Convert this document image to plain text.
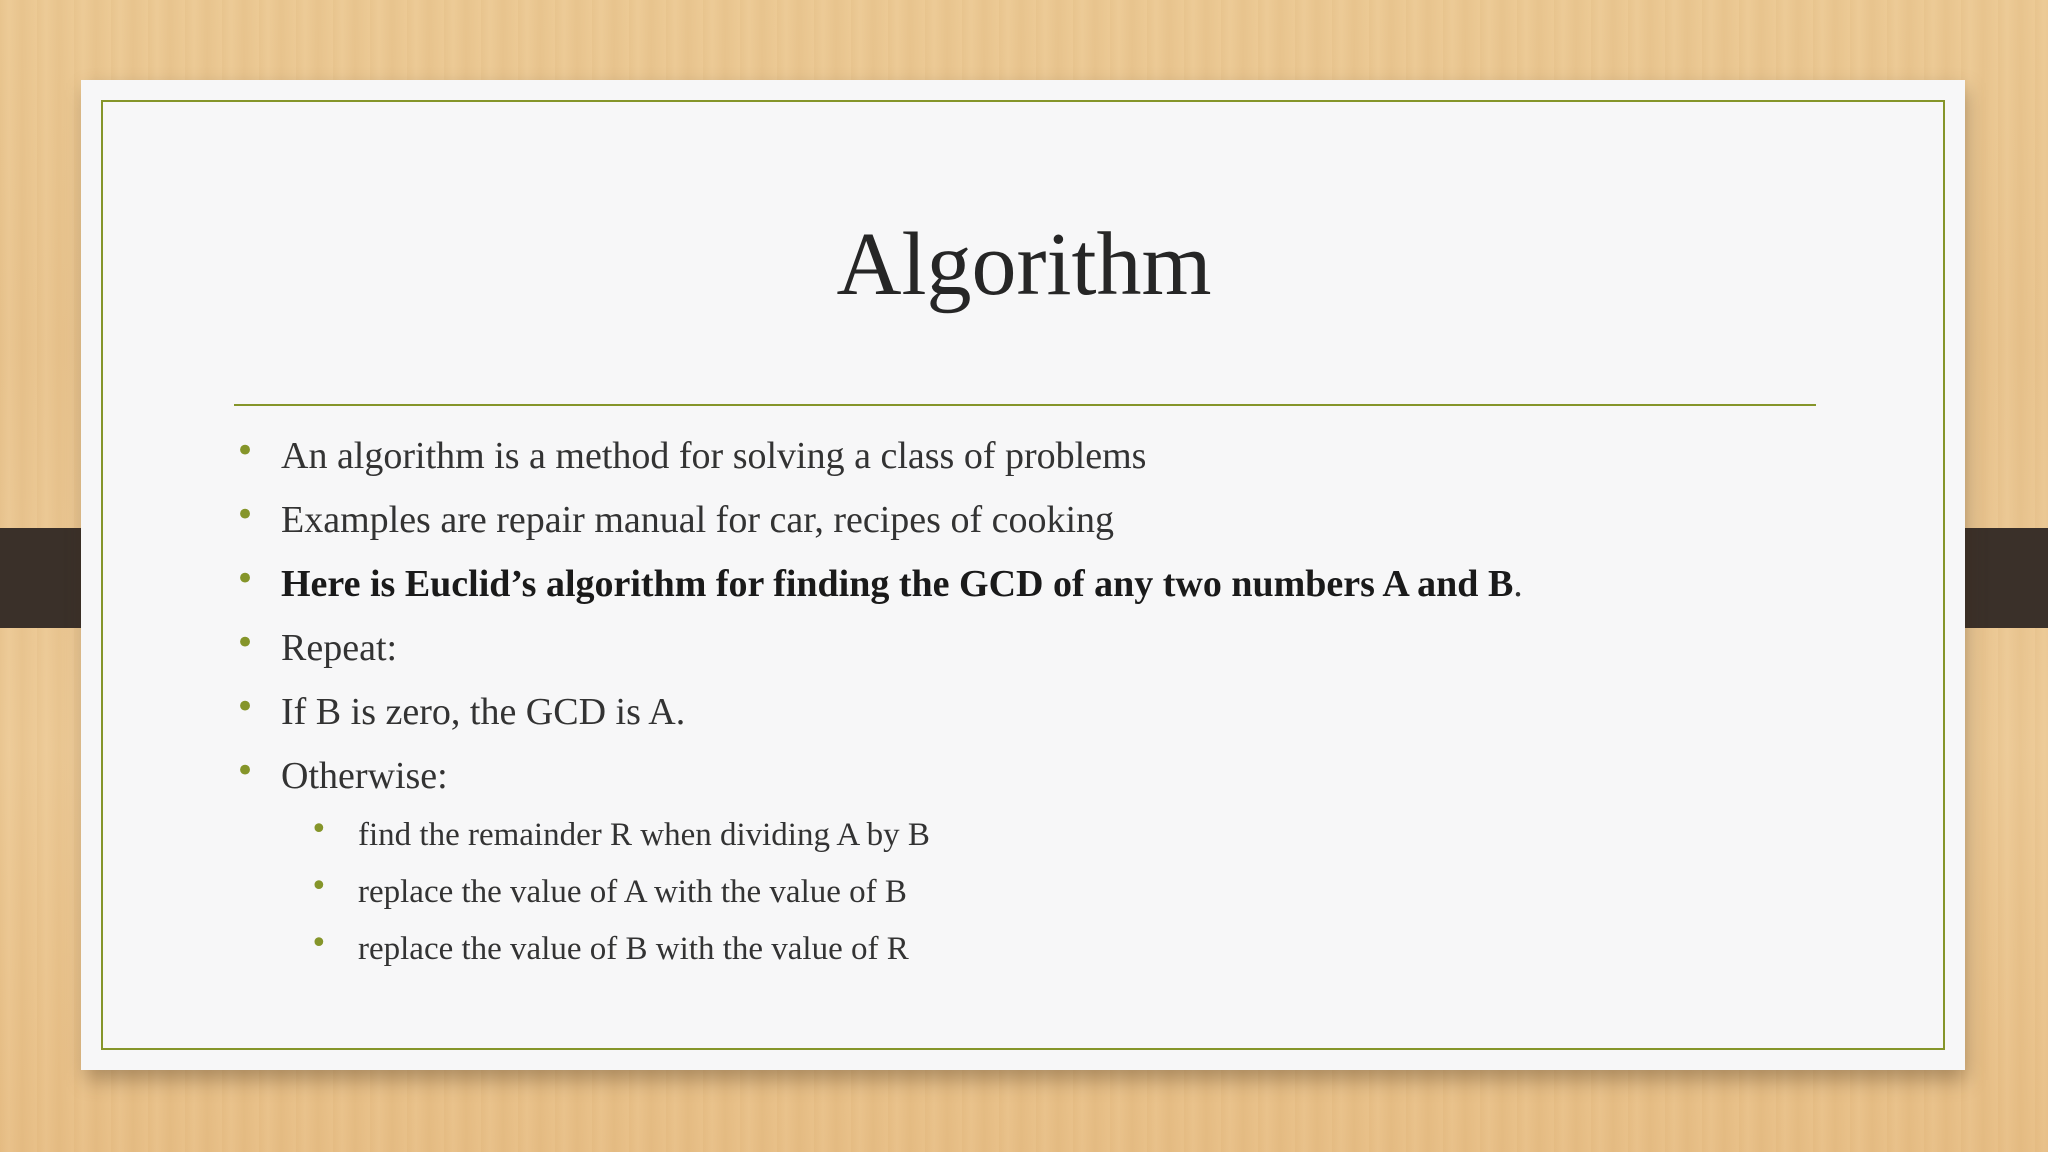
Algorithm
• An algorithm is a method for solving a class of problems
• Examples are repair manual for car, recipes of cooking
• Here is Euclid’s algorithm for finding the GCD of any two numbers A and B.
• Repeat:
• If B is zero, the GCD is A.
• Otherwise:
• find the remainder R when dividing A by B
• replace the value of A with the value of B
• replace the value of B with the value of R
